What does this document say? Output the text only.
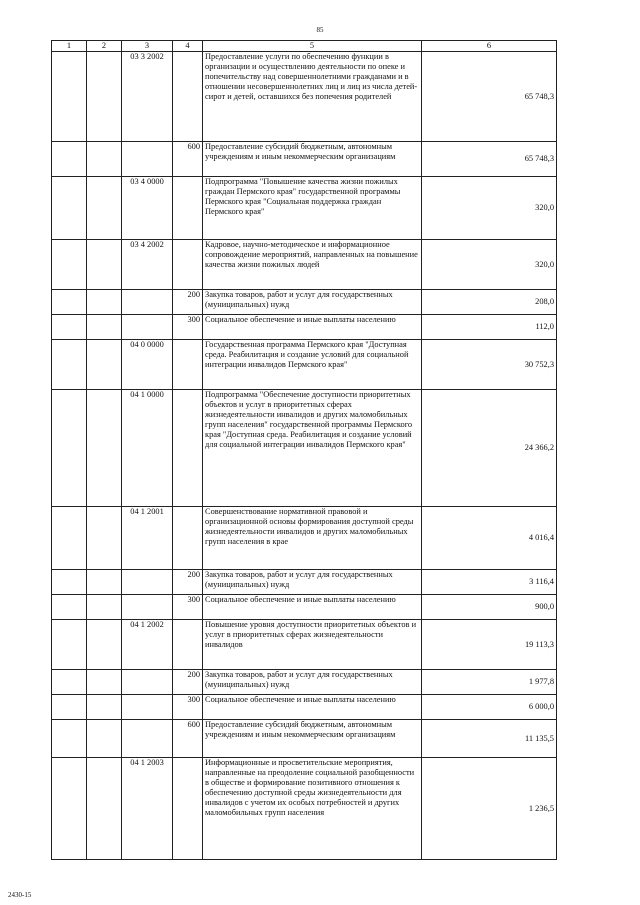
85
1	2	3	4	5	6
		03 3 2002		Предоставление услуги по обеспечению функции в организации и осуществлению деятельности по опеке и попечительству над совершеннолетними гражданами и в отношении несовершеннолетних лиц и лиц из числа детей-сирот и детей, оставшихся без попечения родителей	65 748,3
			600	Предоставление субсидий бюджетным, автономным учреждениям и иным некоммерческим организациям	65 748,3
		03 4 0000		Подпрограмма "Повышение качества жизни пожилых граждан Пермского края" государственной программы Пермского края "Социальная поддержка граждан Пермского края"	320,0
		03 4 2002		Кадровое, научно-методическое и информационное сопровождение мероприятий, направленных на повышение качества жизни пожилых людей	320,0
			200	Закупка товаров, работ и услуг для государственных (муниципальных) нужд	208,0
			300	Социальное обеспечение и иные выплаты населению	112,0
		04 0 0000		Государственная программа Пермского края "Доступная среда. Реабилитация и создание условий для социальной интеграции инвалидов Пермского края"	30 752,3
		04 1 0000		Подпрограмма "Обеспечение доступности приоритетных объектов и услуг в приоритетных сферах жизнедеятельности инвалидов и других маломобильных групп населения" государственной программы Пермского края "Доступная среда. Реабилитация и создание условий для социальной интеграции инвалидов Пермского края"	24 366,2
		04 1 2001		Совершенствование нормативной правовой и организационной основы формирования доступной среды жизнедеятельности инвалидов и других маломобильных групп населения в крае	4 016,4
			200	Закупка товаров, работ и услуг для государственных (муниципальных) нужд	3 116,4
			300	Социальное обеспечение и иные выплаты населению	900,0
		04 1 2002		Повышение уровня доступности приоритетных объектов и услуг в приоритетных сферах жизнедеятельности инвалидов	19 113,3
			200	Закупка товаров, работ и услуг для государственных (муниципальных) нужд	1 977,8
			300	Социальное обеспечение и иные выплаты населению	6 000,0
			600	Предоставление субсидий бюджетным, автономным учреждениям и иным некоммерческим организациям	11 135,5
		04 1 2003		Информационные и просветительские мероприятия, направленные на преодоление социальной разобщенности в обществе и формирование позитивного отношения к обеспечению доступной среды жизнедеятельности для инвалидов с учетом их особых потребностей и других маломобильных групп населения	1 236,5
2430-15
